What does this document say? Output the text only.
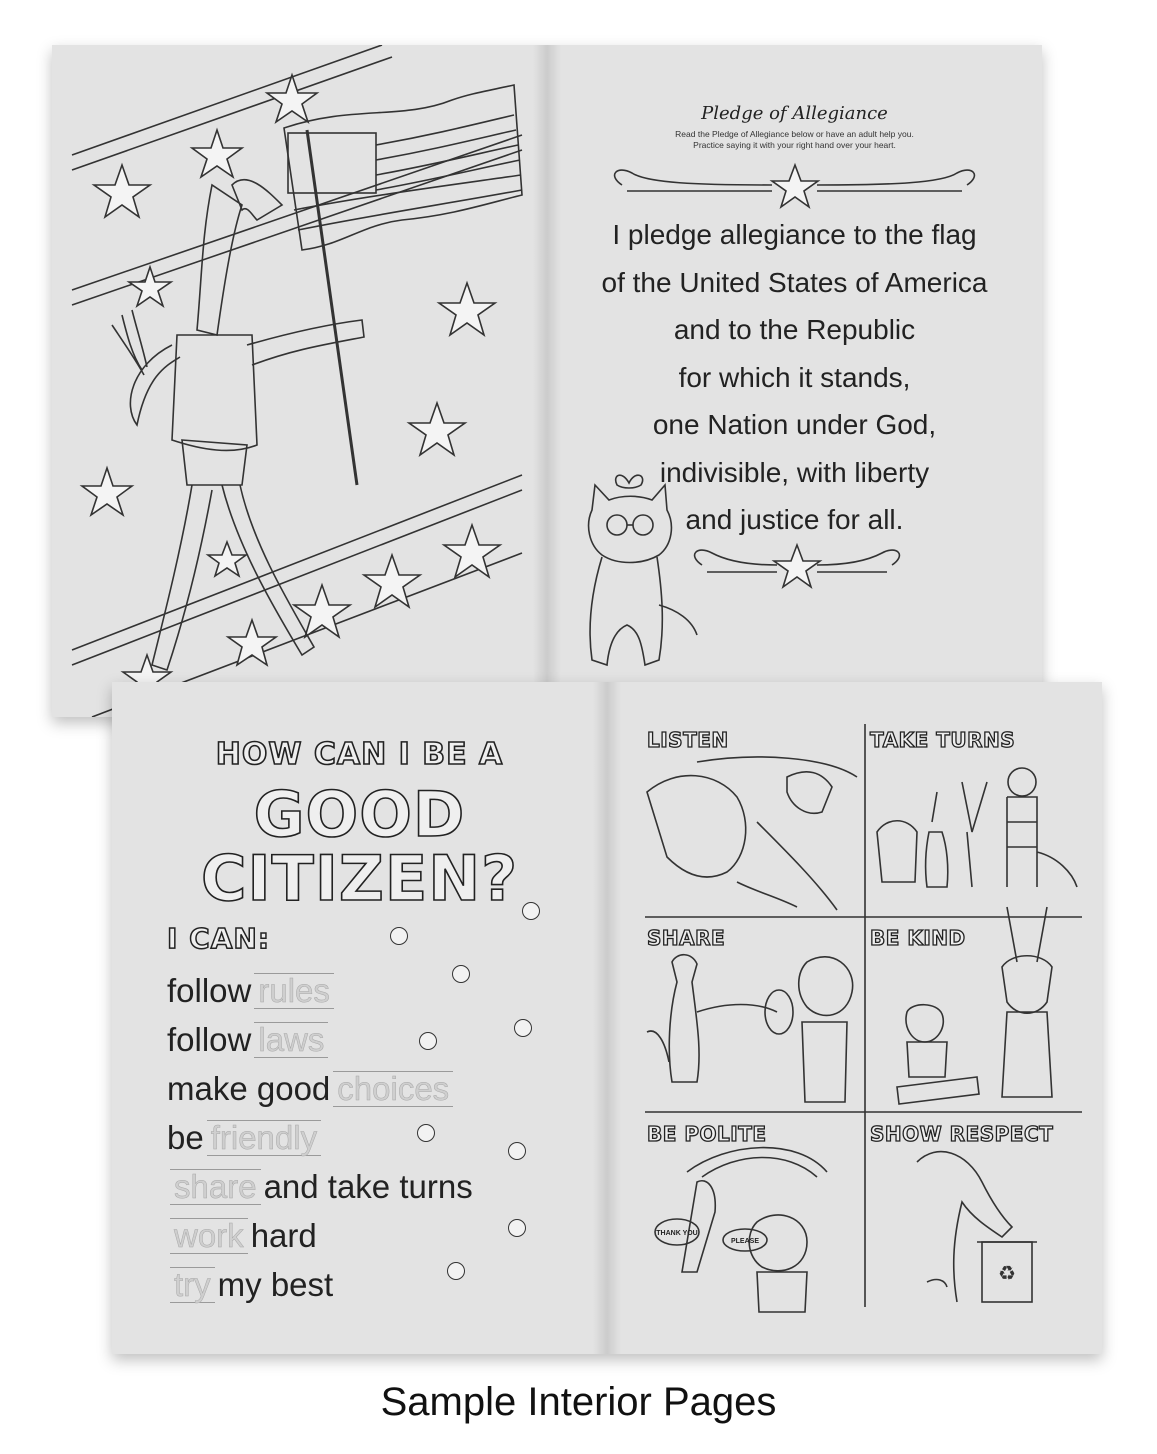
Pledge of Allegiance
Read the Pledge of Allegiance below or have an adult help you.
Practice saying it with your right hand over your heart.
I pledge allegiance to the flag
of the United States of America
and to the Republic
for which it stands,
one Nation under God,
indivisible, with liberty
and justice for all.
HOW CAN I BE A
GOOD
CITIZEN?
I CAN:
follow rules
follow laws
make good choices
be friendly
share and take turns
work hard
try my best
THANK YOU
PLEASE
♻
LISTEN	TAKE TURNS
SHARE	BE KIND
BE POLITE	SHOW RESPECT
Sample Interior Pages
